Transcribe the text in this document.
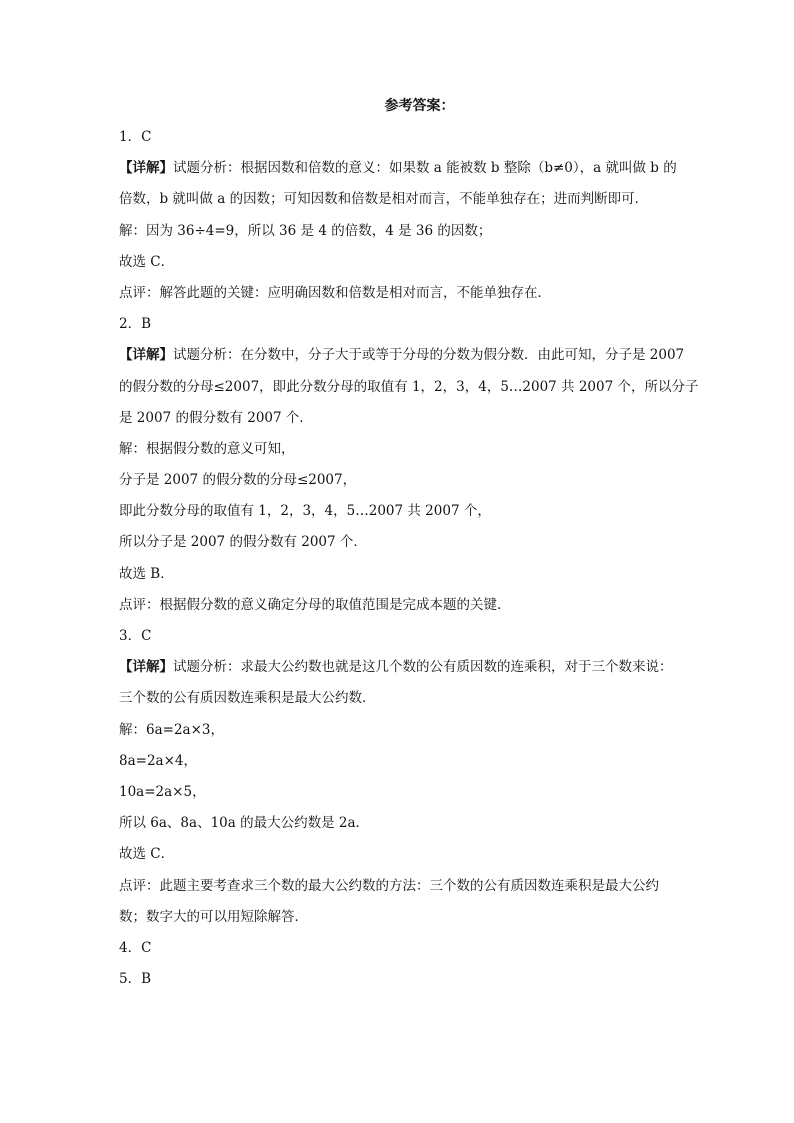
参考答案：
1．C
【详解】试题分析：根据因数和倍数的意义：如果数 a 能被数 b 整除（b≠0），a 就叫做 b 的
倍数，b 就叫做 a 的因数；可知因数和倍数是相对而言，不能单独存在；进而判断即可．
解：因为 36÷4=9，所以 36 是 4 的倍数，4 是 36 的因数；
故选 C．
点评：解答此题的关键：应明确因数和倍数是相对而言，不能单独存在．
2．B
【详解】试题分析：在分数中，分子大于或等于分母的分数为假分数．由此可知，分子是 2007
的假分数的分母≤2007，即此分数分母的取值有 1，2，3，4，5…2007 共 2007 个，所以分子
是 2007 的假分数有 2007 个．
解：根据假分数的意义可知，
分子是 2007 的假分数的分母≤2007，
即此分数分母的取值有 1，2，3，4，5…2007 共 2007 个，
所以分子是 2007 的假分数有 2007 个．
故选 B．
点评：根据假分数的意义确定分母的取值范围是完成本题的关键．
3．C
【详解】试题分析：求最大公约数也就是这几个数的公有质因数的连乘积，对于三个数来说：
三个数的公有质因数连乘积是最大公约数．
解：6a=2a×3，
8a=2a×4，
10a=2a×5，
所以 6a、8a、10a 的最大公约数是 2a．
故选 C．
点评：此题主要考查求三个数的最大公约数的方法：三个数的公有质因数连乘积是最大公约
数；数字大的可以用短除解答．
4．C
5．B
